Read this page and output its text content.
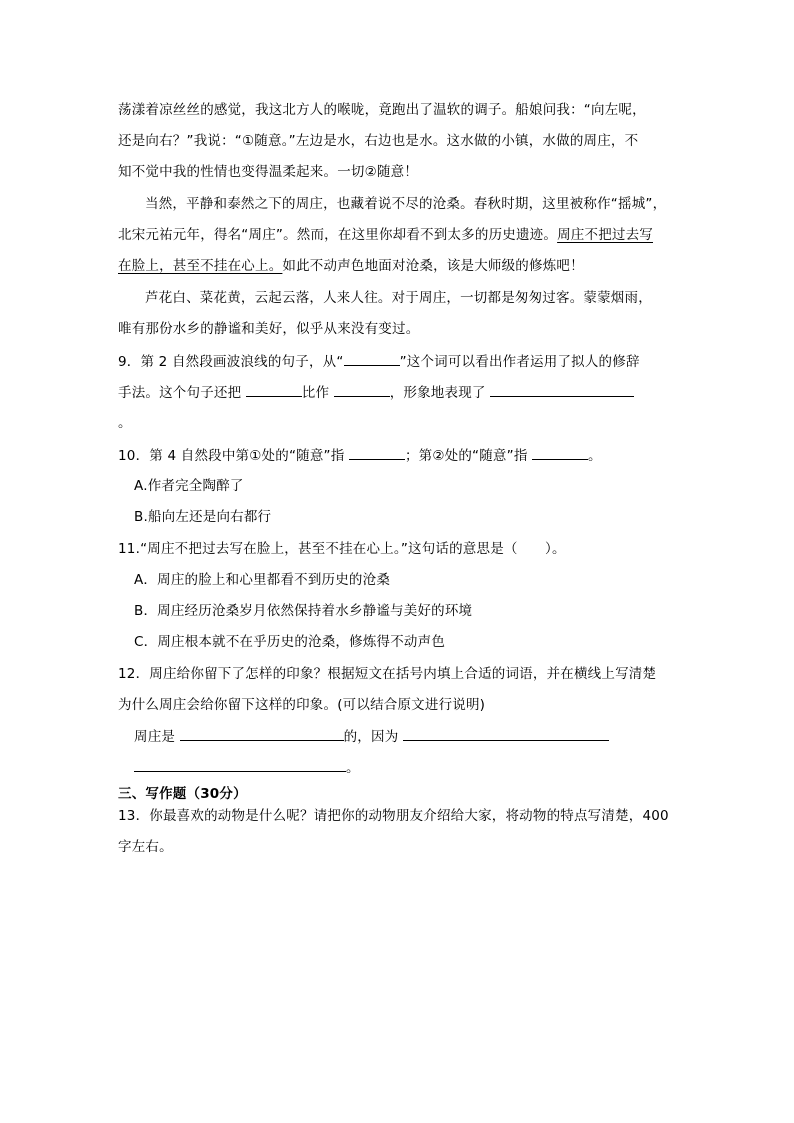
荡漾着凉丝丝的感觉，我这北方人的喉咙，竟跑出了温软的调子。船娘问我：“向左呢，
还是向右？”我说：“①随意。”左边是水，右边也是水。这水做的小镇，水做的周庄，不
知不觉中我的性情也变得温柔起来。一切②随意！
当然，平静和泰然之下的周庄，也藏着说不尽的沧桑。春秋时期，这里被称作“摇城”，
北宋元祐元年，得名“周庄”。然而，在这里你却看不到太多的历史遗迹。周庄不把过去写
在脸上，甚至不挂在心上。如此不动声色地面对沧桑，该是大师级的修炼吧！
芦花白、菜花黄，云起云落，人来人往。对于周庄，一切都是匆匆过客。蒙蒙烟雨，
唯有那份水乡的静谧和美好，似乎从来没有变过。
9．第 2 自然段画波浪线的句子，从“	”这个词可以看出作者运用了拟人的修辞
手法。这个句子还把	比作	，形象地表现了
。
10．第 4 自然段中第①处的“随意”指	；第②处的“随意”指	。
A.作者完全陶醉了
B.船向左还是向右都行
11.“周庄不把过去写在脸上，甚至不挂在心上。”这句话的意思是（　　）。
A．周庄的脸上和心里都看不到历史的沧桑
B．周庄经历沧桑岁月依然保持着水乡静谧与美好的环境
C．周庄根本就不在乎历史的沧桑，修炼得不动声色
12．周庄给你留下了怎样的印象？根据短文在括号内填上合适的词语，并在横线上写清楚
为什么周庄会给你留下这样的印象。(可以结合原文进行说明)
周庄是	的，因为
。
三、写作题（30分）
13．你最喜欢的动物是什么呢？请把你的动物朋友介绍给大家，将动物的特点写清楚，400
字左右。
